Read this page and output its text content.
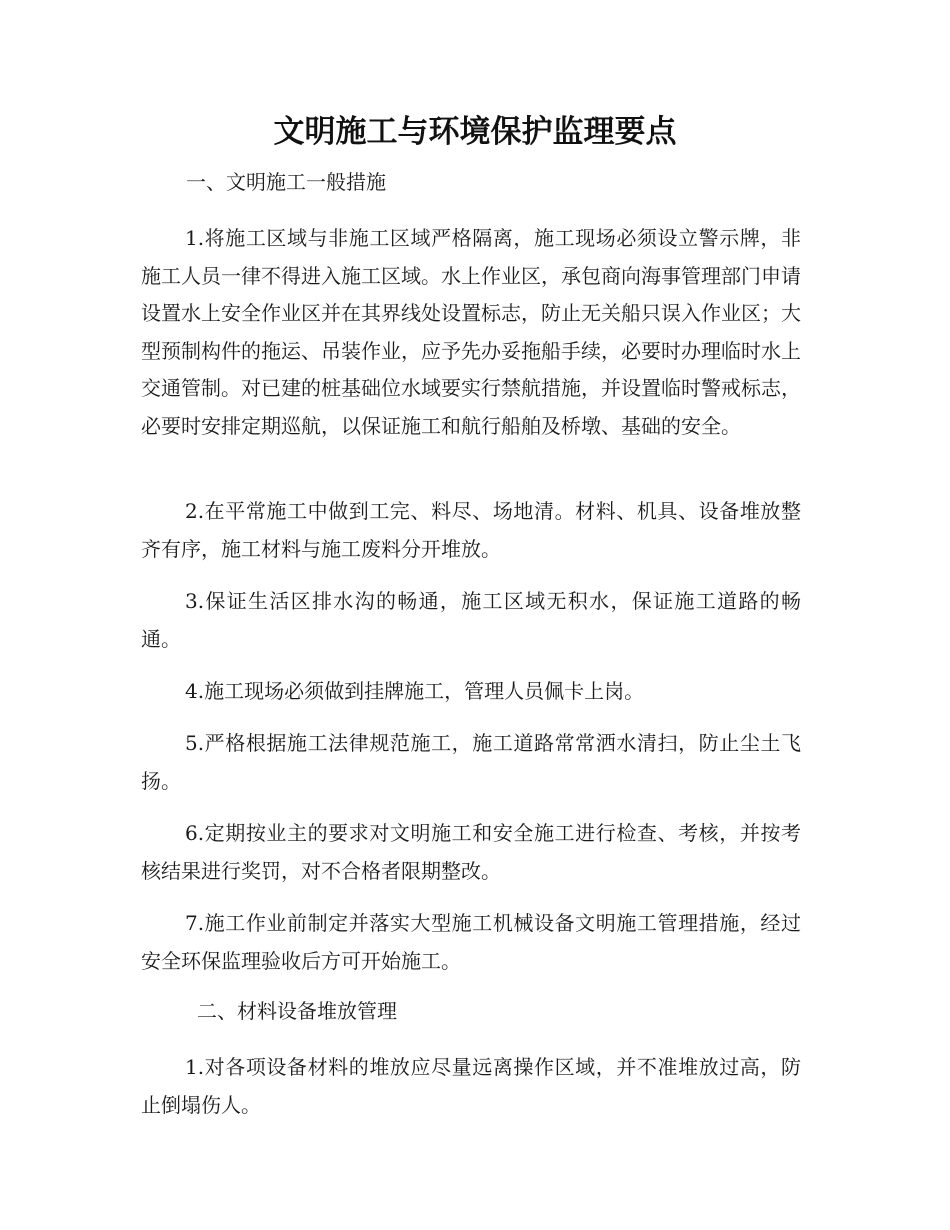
文明施工与环境保护监理要点
一、文明施工一般措施

1.将施工区域与非施工区域严格隔离，施工现场必须设立警示牌，非施工人员一律不得进入施工区域。水上作业区，承包商向海事管理部门申请设置水上安全作业区并在其界线处设置标志，防止无关船只误入作业区；大型预制构件的拖运、吊装作业，应予先办妥拖船手续，必要时办理临时水上交通管制。对已建的桩基础位水域要实行禁航措施，并设置临时警戒标志，必要时安排定期巡航，以保证施工和航行船舶及桥墩、基础的安全。

2.在平常施工中做到工完、料尽、场地清。材料、机具、设备堆放整齐有序，施工材料与施工废料分开堆放。

3.保证生活区排水沟的畅通，施工区域无积水，保证施工道路的畅通。

4.施工现场必须做到挂牌施工，管理人员佩卡上岗。

5.严格根据施工法律规范施工，施工道路常常洒水清扫，防止尘土飞扬。

6.定期按业主的要求对文明施工和安全施工进行检查、考核，并按考核结果进行奖罚，对不合格者限期整改。

7.施工作业前制定并落实大型施工机械设备文明施工管理措施，经过安全环保监理验收后方可开始施工。

二、材料设备堆放管理

1.对各项设备材料的堆放应尽量远离操作区域，并不准堆放过高，防止倒塌伤人。
